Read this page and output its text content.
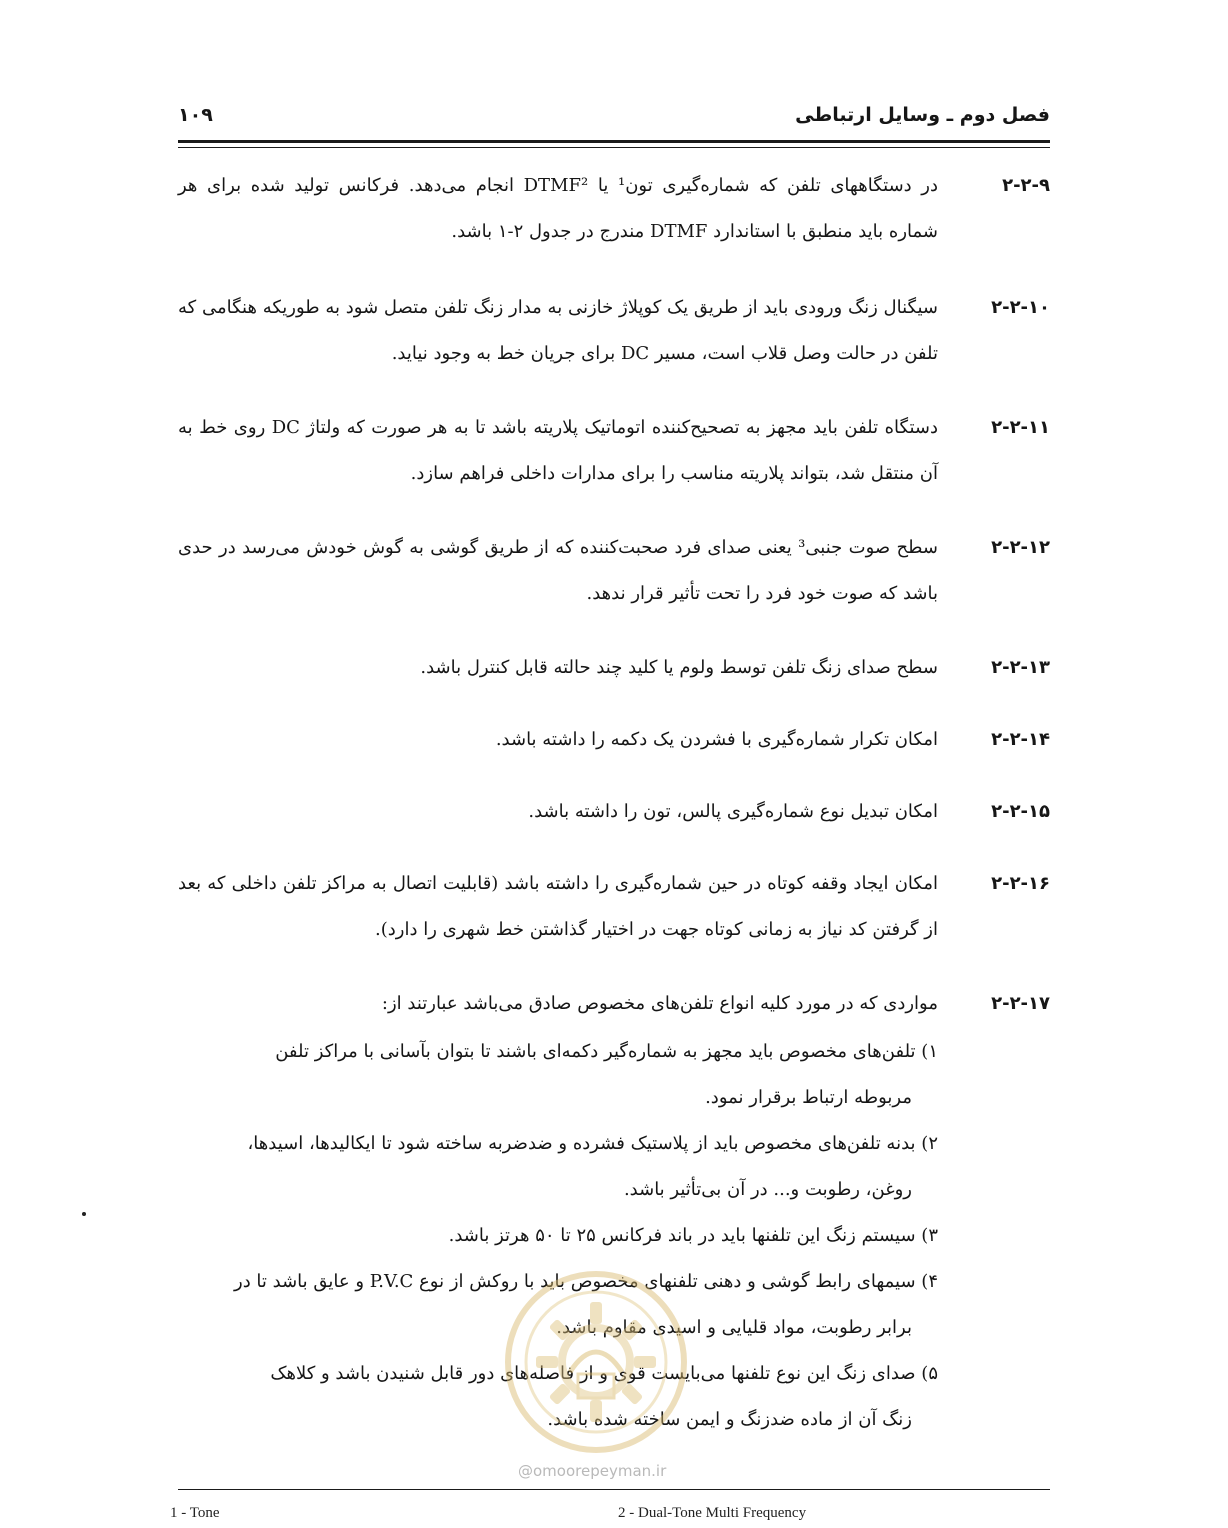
فصل دوم ـ وسایل ارتباطی
۱۰۹
۲-۲-۹
در دستگاههای تلفن که شماره‌گیری تون¹ یا DTMF² انجام می‌دهد. فرکانس تولید شده برای هر شماره باید منطبق با استاندارد DTMF مندرج در جدول ۲-۱ باشد.
۲-۲-۱۰
سیگنال زنگ ورودی باید از طریق یک کوپلاژ خازنی به مدار زنگ تلفن متصل شود به طوریکه هنگامی که تلفن در حالت وصل قلاب است، مسیر DC برای جریان خط به وجود نیاید.
۲-۲-۱۱
دستگاه تلفن باید مجهز به تصحیح‌کننده اتوماتیک پلاریته باشد تا به هر صورت که ولتاژ DC روی خط به آن منتقل شد، بتواند پلاریته مناسب را برای مدارات داخلی فراهم سازد.
۲-۲-۱۲
سطح صوت جنبی³ یعنی صدای فرد صحبت‌کننده که از طریق گوشی به گوش خودش می‌رسد در حدی باشد که صوت خود فرد را تحت تأثیر قرار ندهد.
۲-۲-۱۳
سطح صدای زنگ تلفن توسط ولوم یا کلید چند حالته قابل کنترل باشد.
۲-۲-۱۴
امکان تکرار شماره‌گیری با فشردن یک دکمه را داشته باشد.
۲-۲-۱۵
امکان تبدیل نوع شماره‌گیری پالس، تون را داشته باشد.
۲-۲-۱۶
امکان ایجاد وقفه کوتاه در حین شماره‌گیری را داشته باشد (قابلیت اتصال به مراکز تلفن داخلی که بعد از گرفتن کد نیاز به زمانی کوتاه جهت در اختیار گذاشتن خط شهری را دارد).
۲-۲-۱۷
مواردی که در مورد کلیه انواع تلفن‌های مخصوص صادق می‌باشد عبارتند از:
۱) تلفن‌های مخصوص باید مجهز به شماره‌گیر دکمه‌ای باشند تا بتوان بآسانی با مراکز تلفن
مربوطه ارتباط برقرار نمود.
۲) بدنه تلفن‌های مخصوص باید از پلاستیک فشرده و ضدضربه ساخته شود تا ایکالیدها، اسیدها،
روغن، رطوبت و... در آن بی‌تأثیر باشد.
۳) سیستم زنگ این تلفنها باید در باند فرکانس ۲۵ تا ۵۰ هرتز باشد.
۴) سیمهای رابط گوشی و دهنی تلفنهای مخصوص باید با روکش از نوع P.V.C و عایق باشد تا در
برابر رطوبت، مواد قلیایی و اسیدی مقاوم باشد.
۵) صدای زنگ این نوع تلفنها می‌بایست قوی و از فاصله‌های دور قابل شنیدن باشد و کلاهک
زنگ آن از ماده ضدزنگ و ایمن ساخته شده باشد.
@omoorepeyman.ir
1 - Tone	2 - Dual-Tone Multi Frequency
